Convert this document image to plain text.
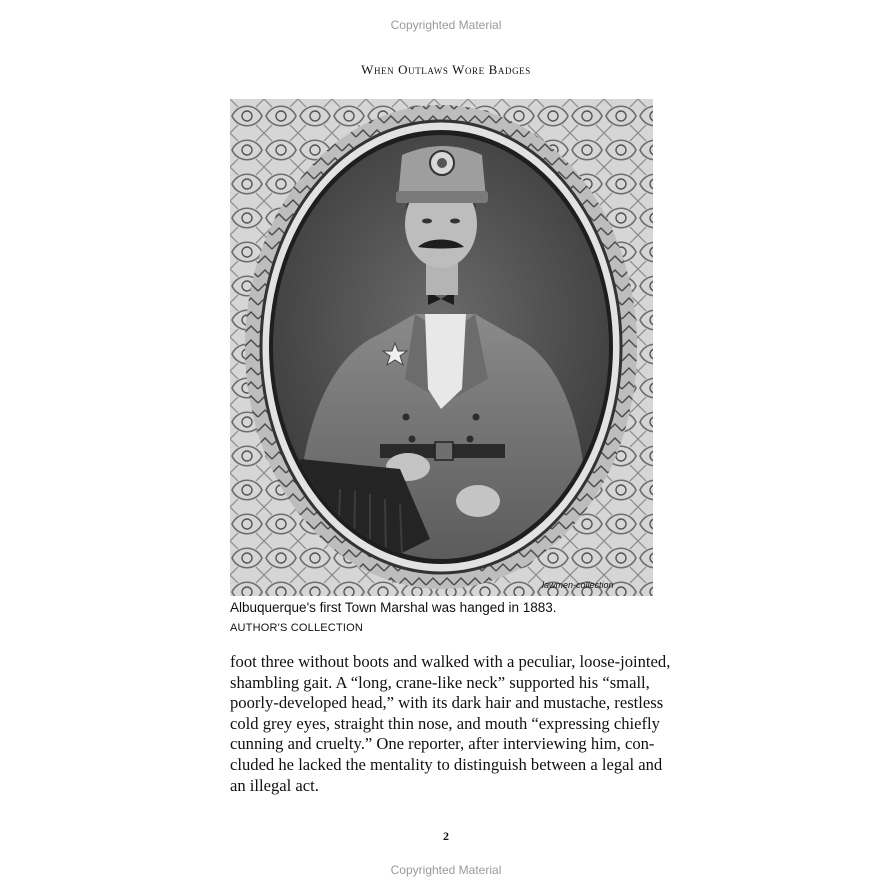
Copyrighted Material
When Outlaws Wore Badges
lawmen-collection
Albuquerque's first Town Marshal was hanged in 1883.
AUTHOR'S COLLECTION

foot three without boots and walked with a peculiar, loose-jointed,
shambling gait. A “long, crane-like neck” supported his “small,
poorly-developed head,” with its dark hair and mustache, restless
cold grey eyes, straight thin nose, and mouth “expressing chiefly
cunning and cruelty.” One reporter, after interviewing him, con-
cluded he lacked the mentality to distinguish between a legal and
an illegal act.

2
Copyrighted Material
